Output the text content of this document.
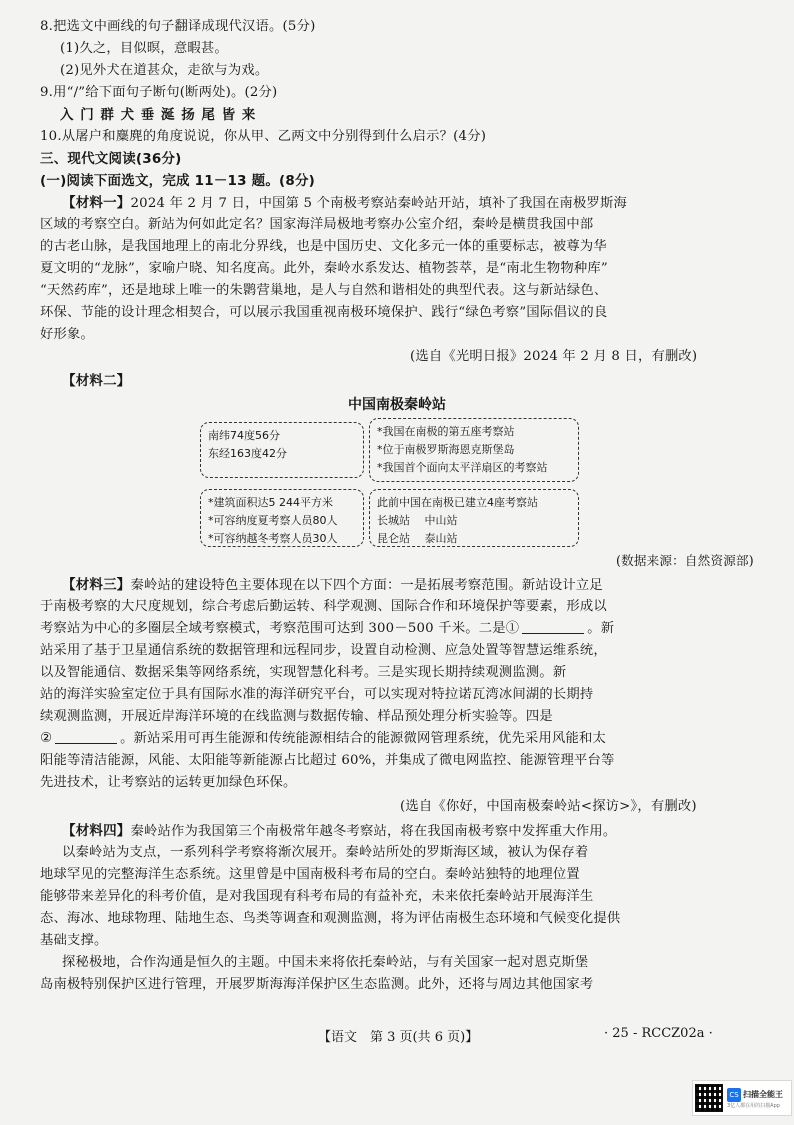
8.把选文中画线的句子翻译成现代汉语。(5分)
(1)久之，目似暝，意暇甚。
(2)见外犬在道甚众，走欲与为戏。
9.用“/”给下面句子断句(断两处)。(2分)
入 门 群 犬 垂 涎 扬 尾 皆 来
10.从屠户和麋麂的角度说说，你从甲、乙两文中分别得到什么启示？(4分)
三、现代文阅读(36分)
(一)阅读下面选文，完成 11－13 题。(8分)
【材料一】2024 年 2 月 7 日，中国第 5 个南极考察站秦岭站开站，填补了我国在南极罗斯海
区域的考察空白。新站为何如此定名？国家海洋局极地考察办公室介绍，秦岭是横贯我国中部
的古老山脉，是我国地理上的南北分界线，也是中国历史、文化多元一体的重要标志，被尊为华
夏文明的“龙脉”，家喻户晓、知名度高。此外，秦岭水系发达、植物荟萃，是“南北生物物种库”
“天然药库”，还是地球上唯一的朱鹮营巢地，是人与自然和谐相处的典型代表。这与新站绿色、
环保、节能的设计理念相契合，可以展示我国重视南极环境保护、践行“绿色考察”国际倡议的良
好形象。
(选自《光明日报》2024 年 2 月 8 日，有删改)
【材料二】
中国南极秦岭站
南纬74度56分
东经163度42分
*我国在南极的第五座考察站
*位于南极罗斯海恩克斯堡岛
*我国首个面向太平洋扇区的考察站
*建筑面积达5 244平方米
*可容纳度夏考察人员80人
*可容纳越冬考察人员30人
此前中国在南极已建立4座考察站
长城站　 中山站
昆仑站　 泰山站
(数据来源：自然资源部)
【材料三】秦岭站的建设特色主要体现在以下四个方面：一是拓展考察范围。新站设计立足
于南极考察的大尺度规划，综合考虑后勤运转、科学观测、国际合作和环境保护等要素，形成以
考察站为中心的多圈层全域考察模式，考察范围可达到 300－500 千米。二是①	。新
站采用了基于卫星通信系统的数据管理和远程同步，设置自动检测、应急处置等智慧运维系统，
以及智能通信、数据采集等网络系统，实现智慧化科考。三是实现长期持续观测监测。新
站的海洋实验室定位于具有国际水准的海洋研究平台，可以实现对特拉诺瓦湾冰间湖的长期持
续观测监测，开展近岸海洋环境的在线监测与数据传输、样品预处理分析实验等。四是
②	。新站采用可再生能源和传统能源相结合的能源微网管理系统，优先采用风能和太
阳能等清洁能源，风能、太阳能等新能源占比超过 60%，并集成了微电网监控、能源管理平台等
先进技术，让考察站的运转更加绿色环保。
(选自《你好，中国南极秦岭站<探访>》，有删改)
【材料四】秦岭站作为我国第三个南极常年越冬考察站，将在我国南极考察中发挥重大作用。
以秦岭站为支点，一系列科学考察将渐次展开。秦岭站所处的罗斯海区域，被认为保存着
地球罕见的完整海洋生态系统。这里曾是中国南极科考布局的空白。秦岭站独特的地理位置
能够带来差异化的科考价值，是对我国现有科考布局的有益补充，未来依托秦岭站开展海洋生
态、海冰、地球物理、陆地生态、鸟类等调查和观测监测，将为评估南极生态环境和气候变化提供
基础支撑。
探秘极地，合作沟通是恒久的主题。中国未来将依托秦岭站，与有关国家一起对恩克斯堡
岛南极特别保护区进行管理，开展罗斯海海洋保护区生态监测。此外，还将与周边其他国家考
【语文　第 3 页(共 6 页)】	· 25 - RCCZ02a ·
CS 扫描全能王
3亿人都在用的扫描App
